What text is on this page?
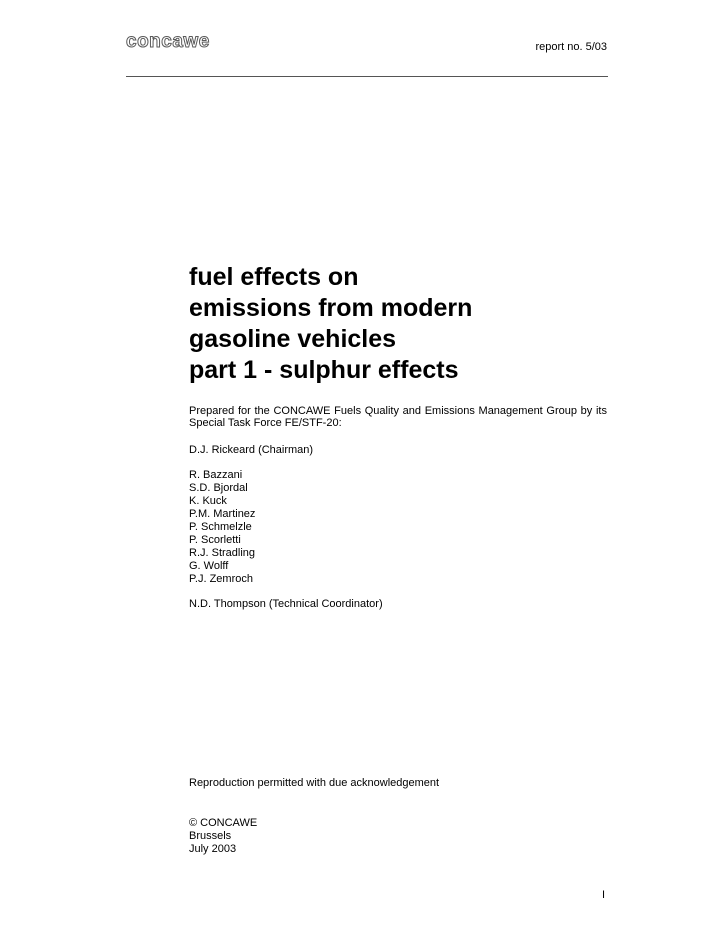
concawe	report no. 5/03
fuel effects on
emissions from modern
gasoline vehicles
part 1 - sulphur effects
Prepared for the CONCAWE Fuels Quality and Emissions Management Group by its Special Task Force FE/STF-20:
D.J. Rickeard (Chairman)
R. Bazzani
S.D. Bjordal
K. Kuck
P.M. Martinez
P. Schmelzle
P. Scorletti
R.J. Stradling
G. Wolff
P.J. Zemroch
N.D. Thompson (Technical Coordinator)
Reproduction permitted with due acknowledgement
© CONCAWE
Brussels
July 2003
I
